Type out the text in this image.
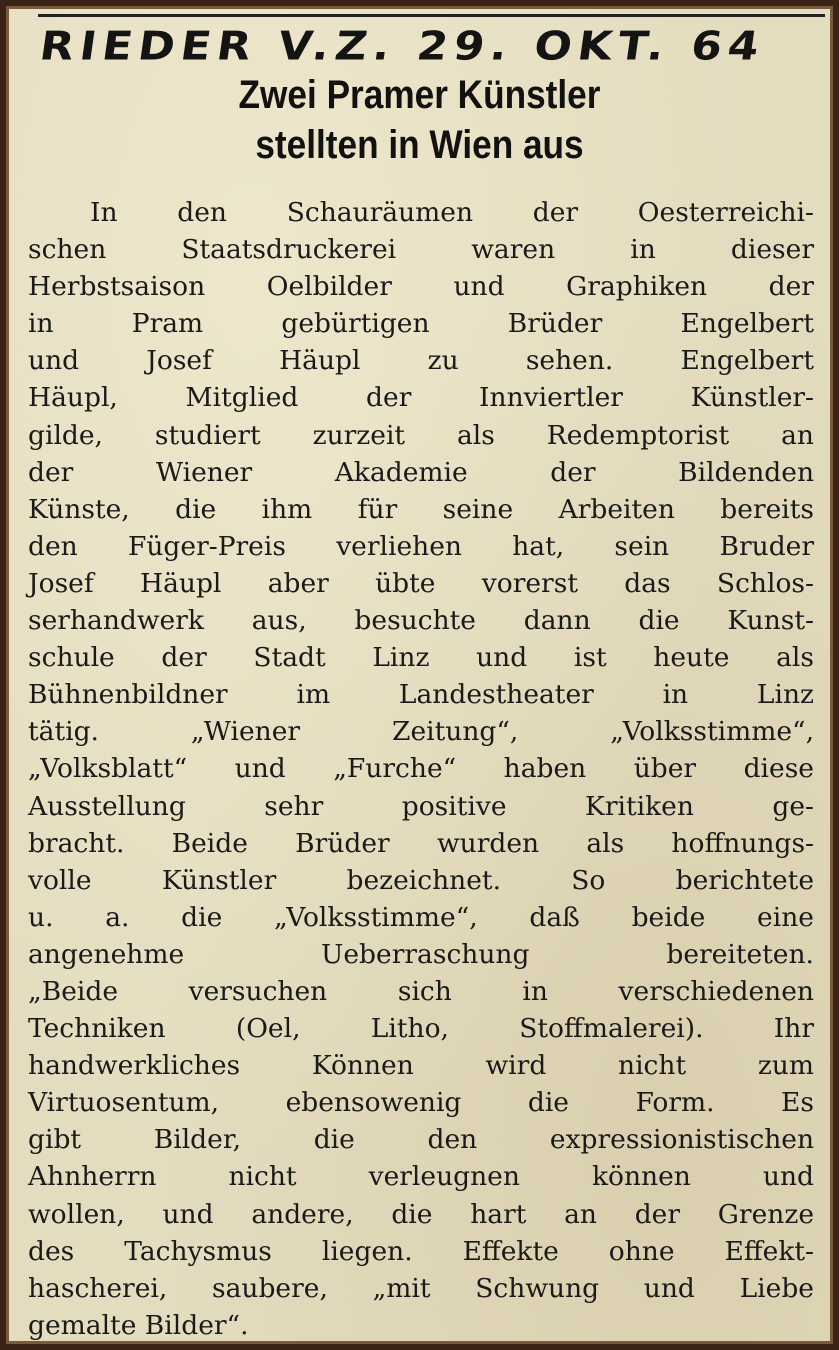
RIEDER V.Z. 29. OKT. 64

Zwei Pramer Künstler
stellten in Wien aus
In den Schauräumen der Oesterreichi-
schen Staatsdruckerei waren in dieser
Herbstsaison Oelbilder und Graphiken der
in Pram gebürtigen Brüder Engelbert
und Josef Häupl zu sehen. Engelbert
Häupl, Mitglied der Innviertler Künstler-
gilde, studiert zurzeit als Redemptorist an
der Wiener Akademie der Bildenden
Künste, die ihm für seine Arbeiten bereits
den Füger-Preis verliehen hat, sein Bruder
Josef Häupl aber übte vorerst das Schlos-
serhandwerk aus, besuchte dann die Kunst-
schule der Stadt Linz und ist heute als
Bühnenbildner im Landestheater in Linz
tätig. „Wiener Zeitung“, „Volksstimme“,
„Volksblatt“ und „Furche“ haben über diese
Ausstellung sehr positive Kritiken ge-
bracht. Beide Brüder wurden als hoffnungs-
volle Künstler bezeichnet. So berichtete
u. a. die „Volksstimme“, daß beide eine
angenehme Ueberraschung bereiteten.
„Beide versuchen sich in verschiedenen
Techniken (Oel, Litho, Stoffmalerei). Ihr
handwerkliches Können wird nicht zum
Virtuosentum, ebensowenig die Form. Es
gibt Bilder, die den expressionistischen
Ahnherrn nicht verleugnen können und
wollen, und andere, die hart an der Grenze
des Tachysmus liegen. Effekte ohne Effekt-
hascherei, saubere, „mit Schwung und Liebe
gemalte Bilder“.
